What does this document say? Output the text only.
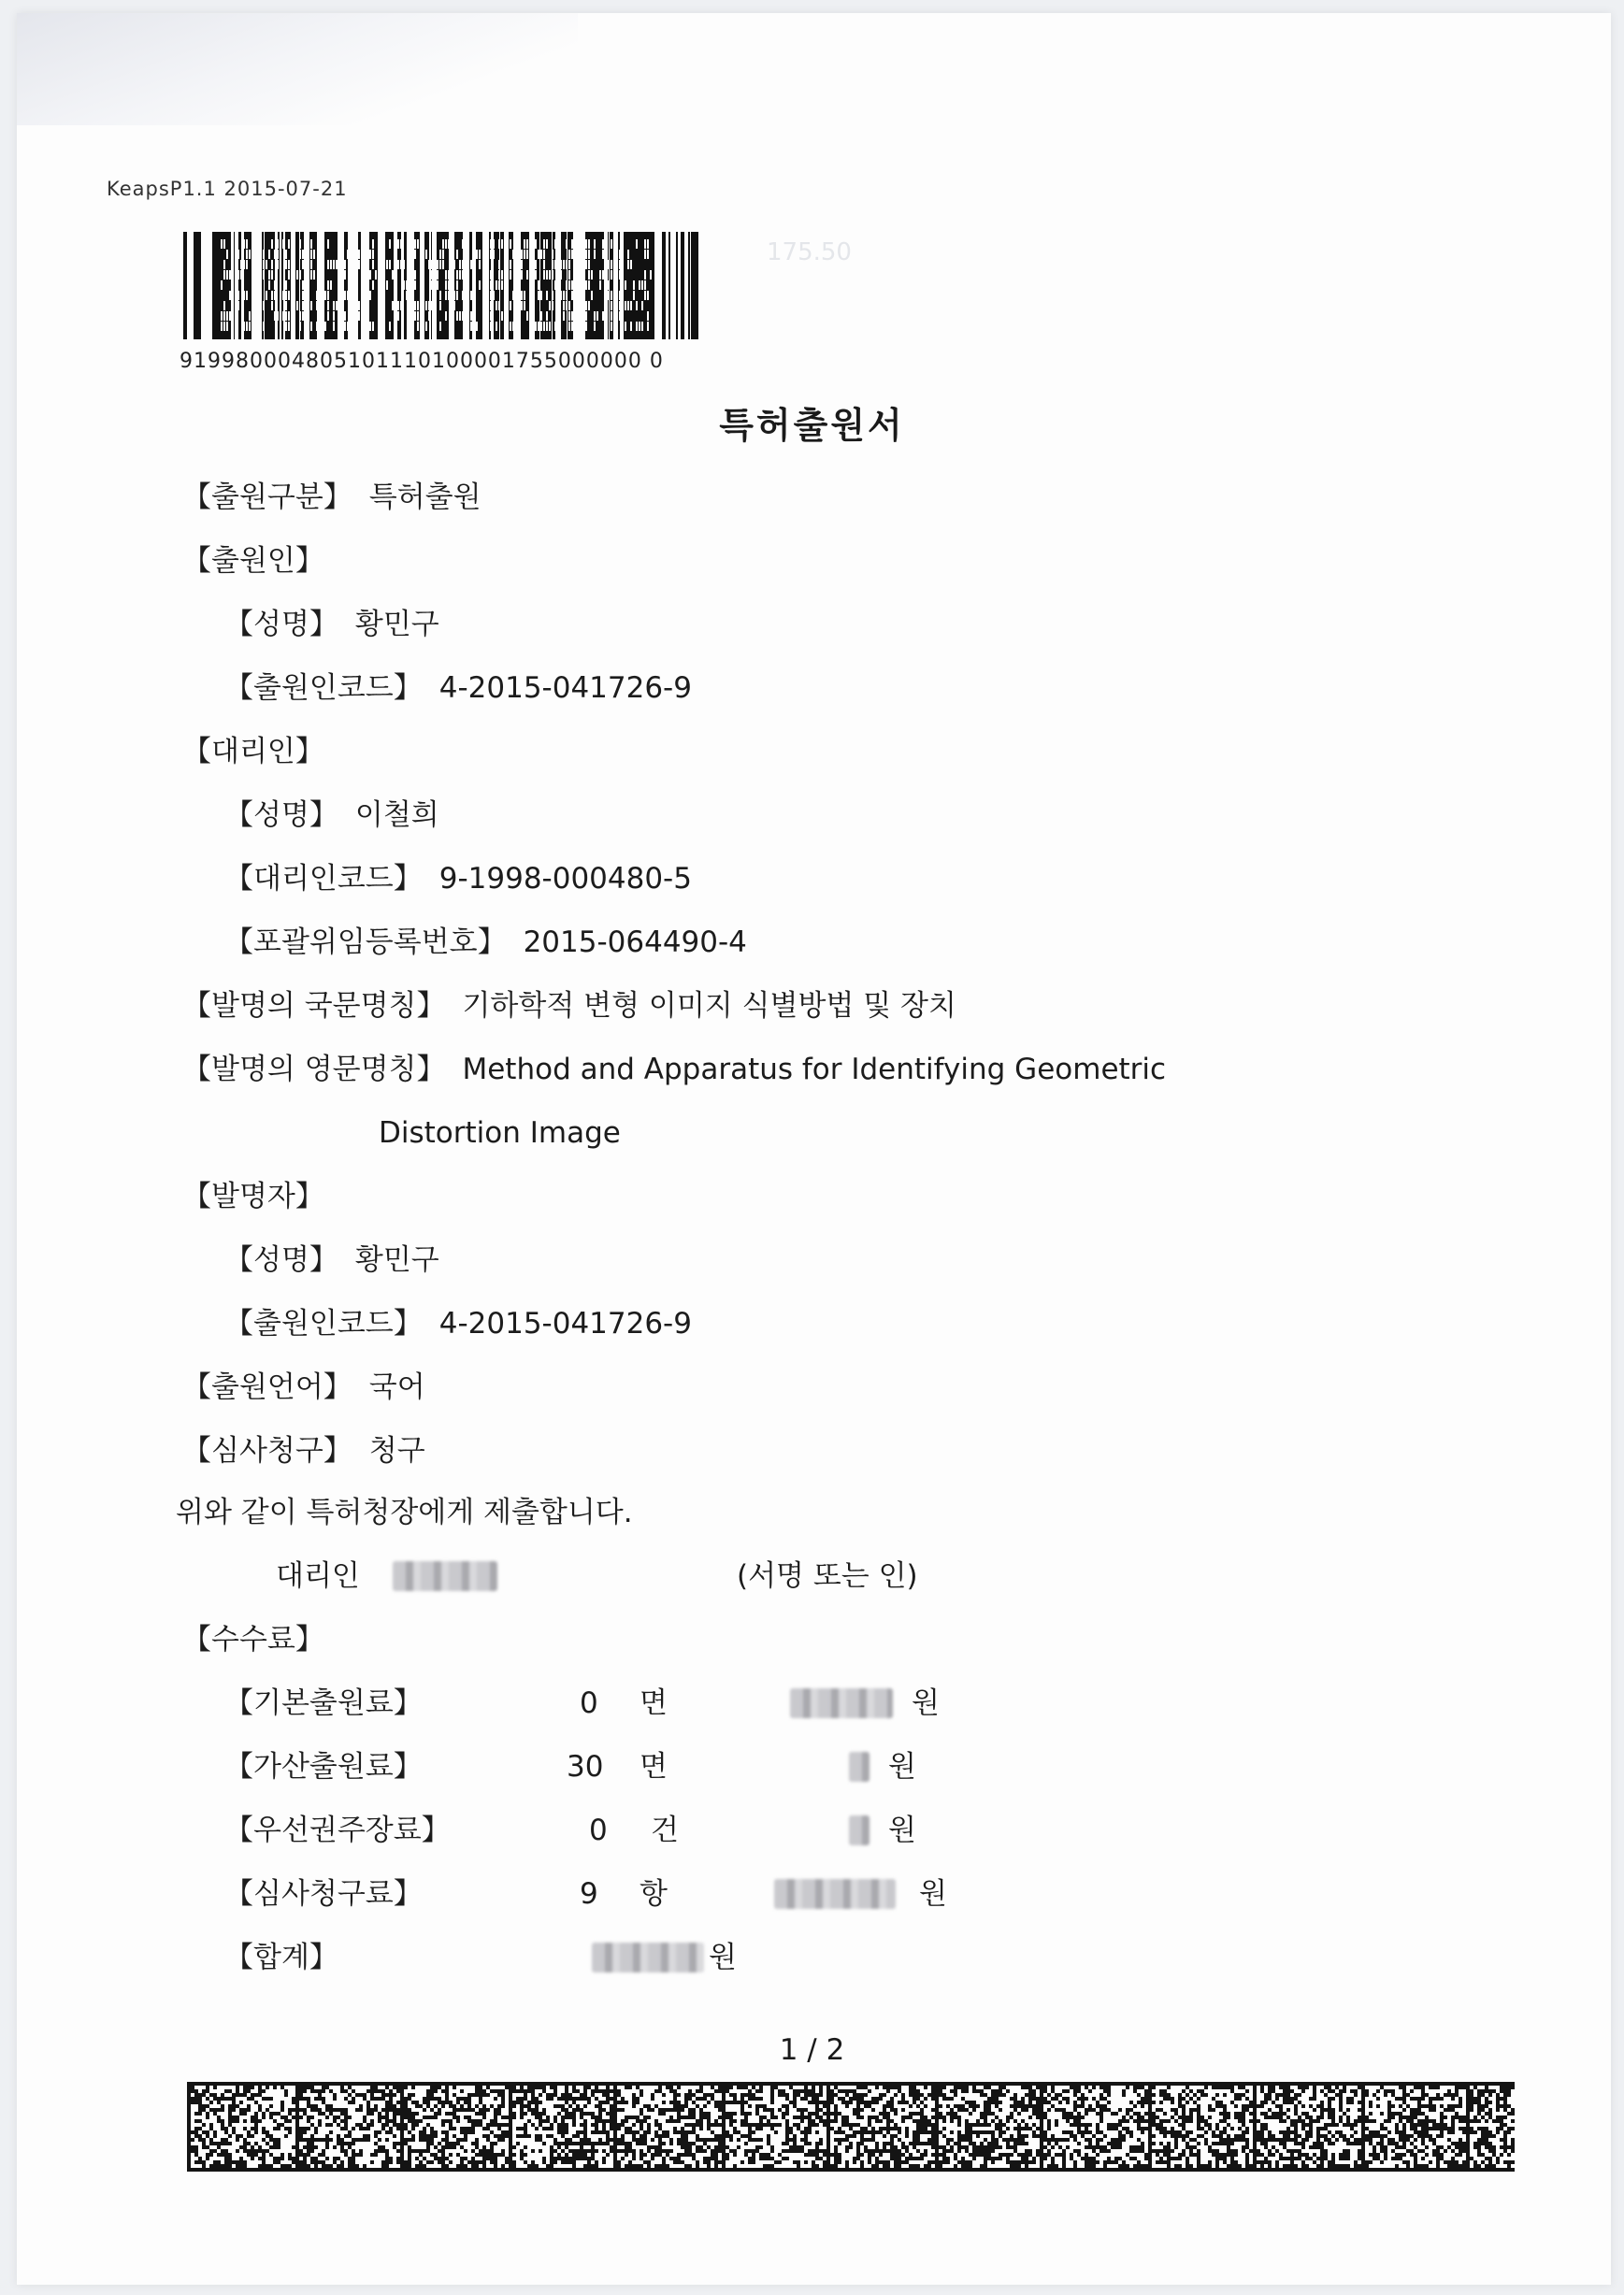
KeapsP1.1 2015-07-21
919980004805101110100001755000000 0
175.50
특허출원서
【출원구분】 특허출원
【출원인】
【성명】 황민구
【출원인코드】 4-2015-041726-9
【대리인】
【성명】 이철희
【대리인코드】 9-1998-000480-5
【포괄위임등록번호】 2015-064490-4
【발명의 국문명칭】 기하학적 변형 이미지 식별방법 및 장치
【발명의 영문명칭】 Method and Apparatus for Identifying Geometric
Distortion Image
【발명자】
【성명】 황민구
【출원인코드】 4-2015-041726-9
【출원언어】 국어
【심사청구】 청구
위와 같이 특허청장에게 제출합니다.
대리인	(서명 또는 인)
【수수료】
【기본출원료】	0 면	원
【가산출원료】	30 면	원
【우선권주장료】	0 건	원
【심사청구료】	9 항	원
【합계】	원
1 / 2
